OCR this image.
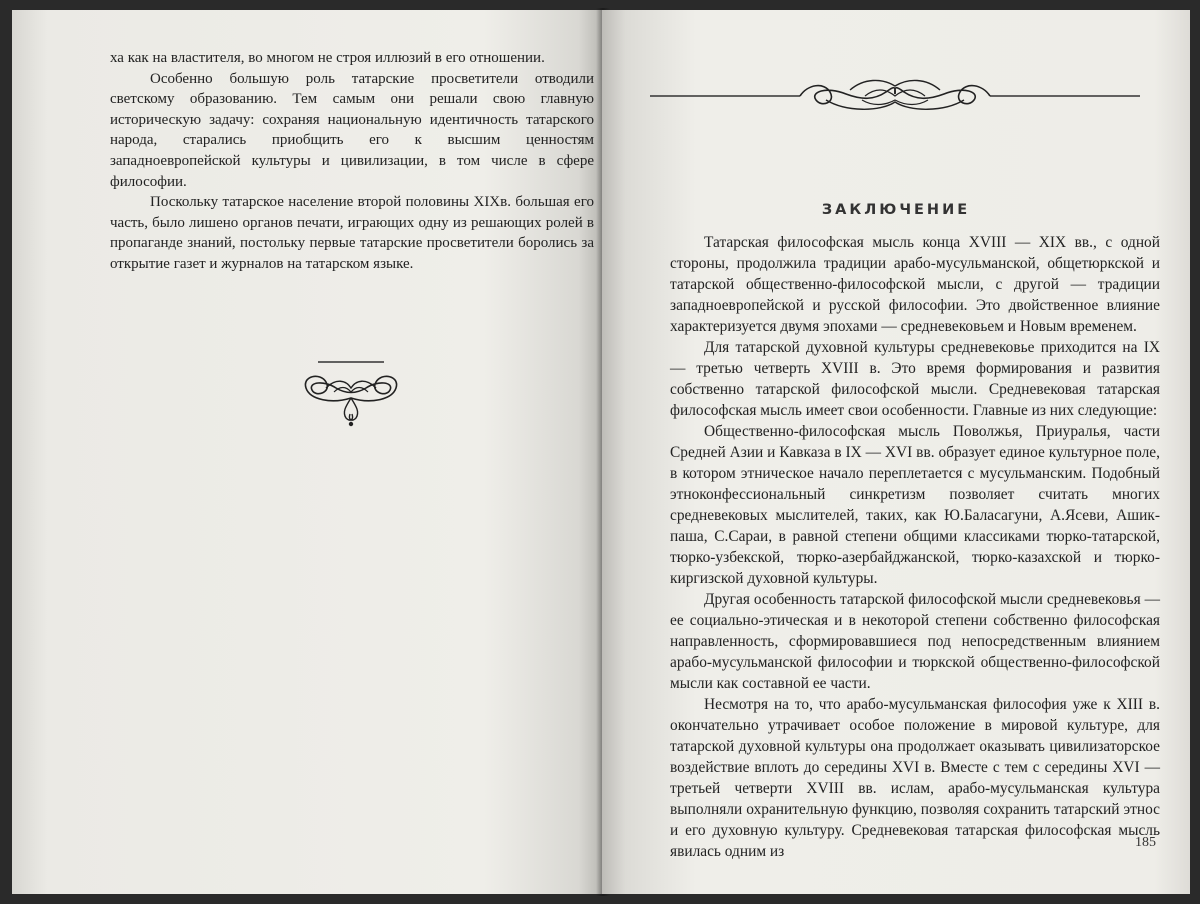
ха как на властителя, во многом не строя иллюзий в его отношении.

Особенно большую роль татарские просветители отводили светскому образованию. Тем самым они решали свою главную историческую задачу: сохраняя национальную идентичность татарского народа, старались приобщить его к высшим ценностям западноевропейской культуры и цивилизации, в том числе в сфере философии.

Поскольку татарское население второй половины XIXв. большая его часть, было лишено органов печати, играющих одну из решающих ролей в пропаганде знаний, постольку первые татарские просветители боролись за открытие газет и журналов на татарском языке.

ЗАКЛЮЧЕНИЕ

Татарская философская мысль конца XVIII — XIX вв., с одной стороны, продолжила традиции арабо-мусульманской, общетюркской и татарской общественно-философской мысли, с другой — традиции западноевропейской и русской философии. Это двойственное влияние характеризуется двумя эпохами — средневековьем и Новым временем.

Для татарской духовной культуры средневековье приходится на IX — третью четверть XVIII в. Это время формирования и развития собственно татарской философской мысли. Средневековая татарская философская мысль имеет свои особенности. Главные из них следующие:

Общественно-философская мысль Поволжья, Приуралья, части Средней Азии и Кавказа в IX — XVI вв. образует единое культурное поле, в котором этническое начало переплетается с мусульманским. Подобный этноконфессиональный синкретизм позволяет считать многих средневековых мыслителей, таких, как Ю.Баласагуни, А.Ясеви, Ашик-паша, С.Сараи, в равной степени общими классиками тюрко-татарской, тюрко-узбекской, тюрко-азербайджанской, тюрко-казахской и тюрко-киргизской духовной культуры.

Другая особенность татарской философской мысли средневековья — ее социально-этическая и в некоторой степени собственно философская направленность, сформировавшиеся под непосредственным влиянием арабо-мусульманской философии и тюркской общественно-философской мысли как составной ее части.

Несмотря на то, что арабо-мусульманская философия уже к XIII в. окончательно утрачивает особое положение в мировой культуре, для татарской духовной культуры она продолжает оказывать цивилизаторское воздействие вплоть до середины XVI в. Вместе с тем с середины XVI — третьей четверти XVIII вв. ислам, арабо-мусульманская культура выполняли охранительную функцию, позволяя сохранить татарский этнос и его духовную культуру. Средневековая татарская философская мысль явилась одним из

185
